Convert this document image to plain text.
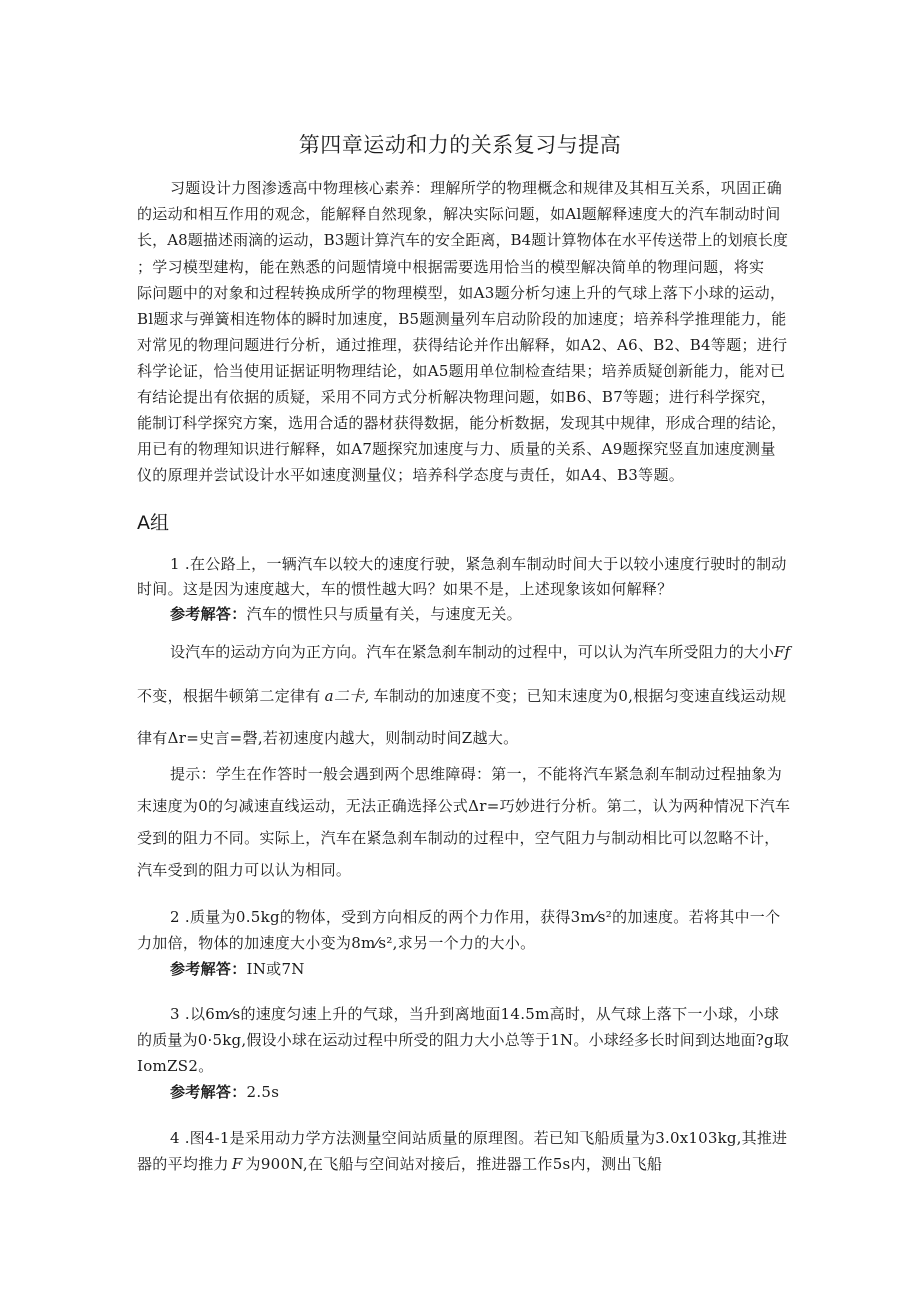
第四章运动和力的关系复习与提高

习题设计力图渗透高中物理核心素养：理解所学的物理概念和规律及其相互关系，巩固正确

的运动和相互作用的观念，能解释自然现象，解决实际问题，如Al题解释速度大的汽车制动时间

长，A8题描述雨滴的运动，B3题计算汽车的安全距离，B4题计算物体在水平传送带上的划痕长度

；学习模型建构，能在熟悉的问题情境中根据需要选用恰当的模型解决简单的物理问题，将实

际问题中的对象和过程转换成所学的物理模型，如A3题分析匀速上升的气球上落下小球的运动，

Bl题求与弹簧相连物体的瞬时加速度，B5题测量列车启动阶段的加速度；培养科学推理能力，能

对常见的物理问题进行分析，通过推理，获得结论并作出解释，如A2、A6、B2、B4等题；进行

科学论证，恰当使用证据证明物理结论，如A5题用单位制检查结果；培养质疑创新能力，能对已

有结论提出有依据的质疑，采用不同方式分析解决物理问题，如B6、B7等题；进行科学探究，

能制订科学探究方案，选用合适的器材获得数据，能分析数据，发现其中规律，形成合理的结论，

用已有的物理知识进行解释，如A7题探究加速度与力、质量的关系、A9题探究竖直加速度测量

仪的原理并尝试设计水平如速度测量仪；培养科学态度与责任，如A4、B3等题。

A组

1 .在公路上，一辆汽车以较大的速度行驶，紧急刹车制动时间大于以较小速度行驶时的制动

时间。这是因为速度越大，车的惯性越大吗？如果不是，上述现象该如何解释？

参考解答：汽车的惯性只与质量有关，与速度无关。

设汽车的运动方向为正方向。汽车在紧急刹车制动的过程中，可以认为汽车所受阻力的大小Ff

不变，根据牛顿第二定律有 a二卡, 车制动的加速度不变；已知末速度为0,根据匀变速直线运动规

律有Δr=史言=磬,若初速度内越大，则制动时间Z越大。

提示：学生在作答时一般会遇到两个思维障碍：第一，不能将汽车紧急刹车制动过程抽象为

末速度为0的匀减速直线运动，无法正确选择公式Δr=巧妙进行分析。第二，认为两种情况下汽车

受到的阻力不同。实际上，汽车在紧急刹车制动的过程中，空气阻力与制动相比可以忽略不计，

汽车受到的阻力可以认为相同。

2 .质量为0.5kg的物体，受到方向相反的两个力作用，获得3m⁄s²的加速度。若将其中一个

力加倍，物体的加速度大小变为8m⁄s²,求另一个力的大小。

参考解答：IN或7N

3 .以6m⁄s的速度匀速上升的气球，当升到离地面14.5m高时，从气球上落下一小球，小球

的质量为0·5kg,假设小球在运动过程中所受的阻力大小总等于1N。小球经多长时间到达地面?g取

IomZS2。

参考解答：2.5s

4 .图4-1是采用动力学方法测量空间站质量的原理图。若已知飞船质量为3.0x103kg,其推进

器的平均推力 F 为900N,在飞船与空间站对接后，推进器工作5s内，测出飞船
